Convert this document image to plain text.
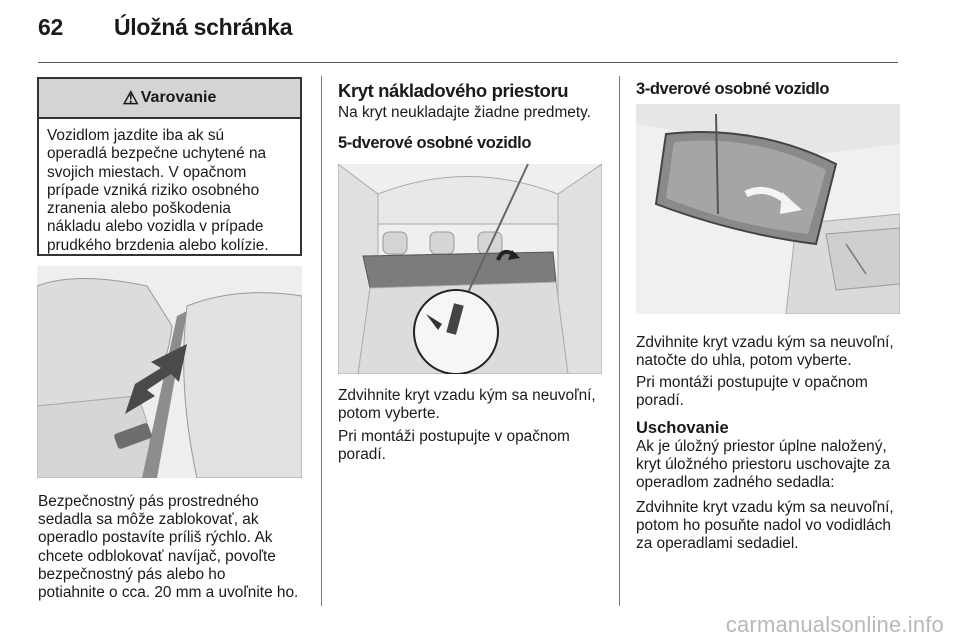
62 Úložná schránka
⚠ Varovanie
Vozidlom jazdite iba ak sú
operadlá bezpečne uchytené na
svojich miestach. V opačnom
prípade vzniká riziko osobného
zranenia alebo poškodenia
nákladu alebo vozidla v prípade
prudkého brzdenia alebo kolízie.
Bezpečnostný pás prostredného
sedadla sa môže zablokovať, ak
operadlo postavíte príliš rýchlo. Ak
chcete odblokovať navíjač, povoľte
bezpečnostný pás alebo ho
potiahnite o cca. 20 mm a uvoľnite ho.
Kryt nákladového priestoru
Na kryt neukladajte žiadne predmety.
5-dverové osobné vozidlo
Zdvihnite kryt vzadu kým sa neuvoľní,
potom vyberte.
Pri montáži postupujte v opačnom
poradí.
3-dverové osobné vozidlo
Zdvihnite kryt vzadu kým sa neuvoľní,
natočte do uhla, potom vyberte.
Pri montáži postupujte v opačnom
poradí.
Uschovanie
Ak je úložný priestor úplne naložený,
kryt úložného priestoru uschovajte za
operadlom zadného sedadla:
Zdvihnite kryt vzadu kým sa neuvoľní,
potom ho posuňte nadol vo vodidlách
za operadlami sedadiel.
carmanualsonline.info
